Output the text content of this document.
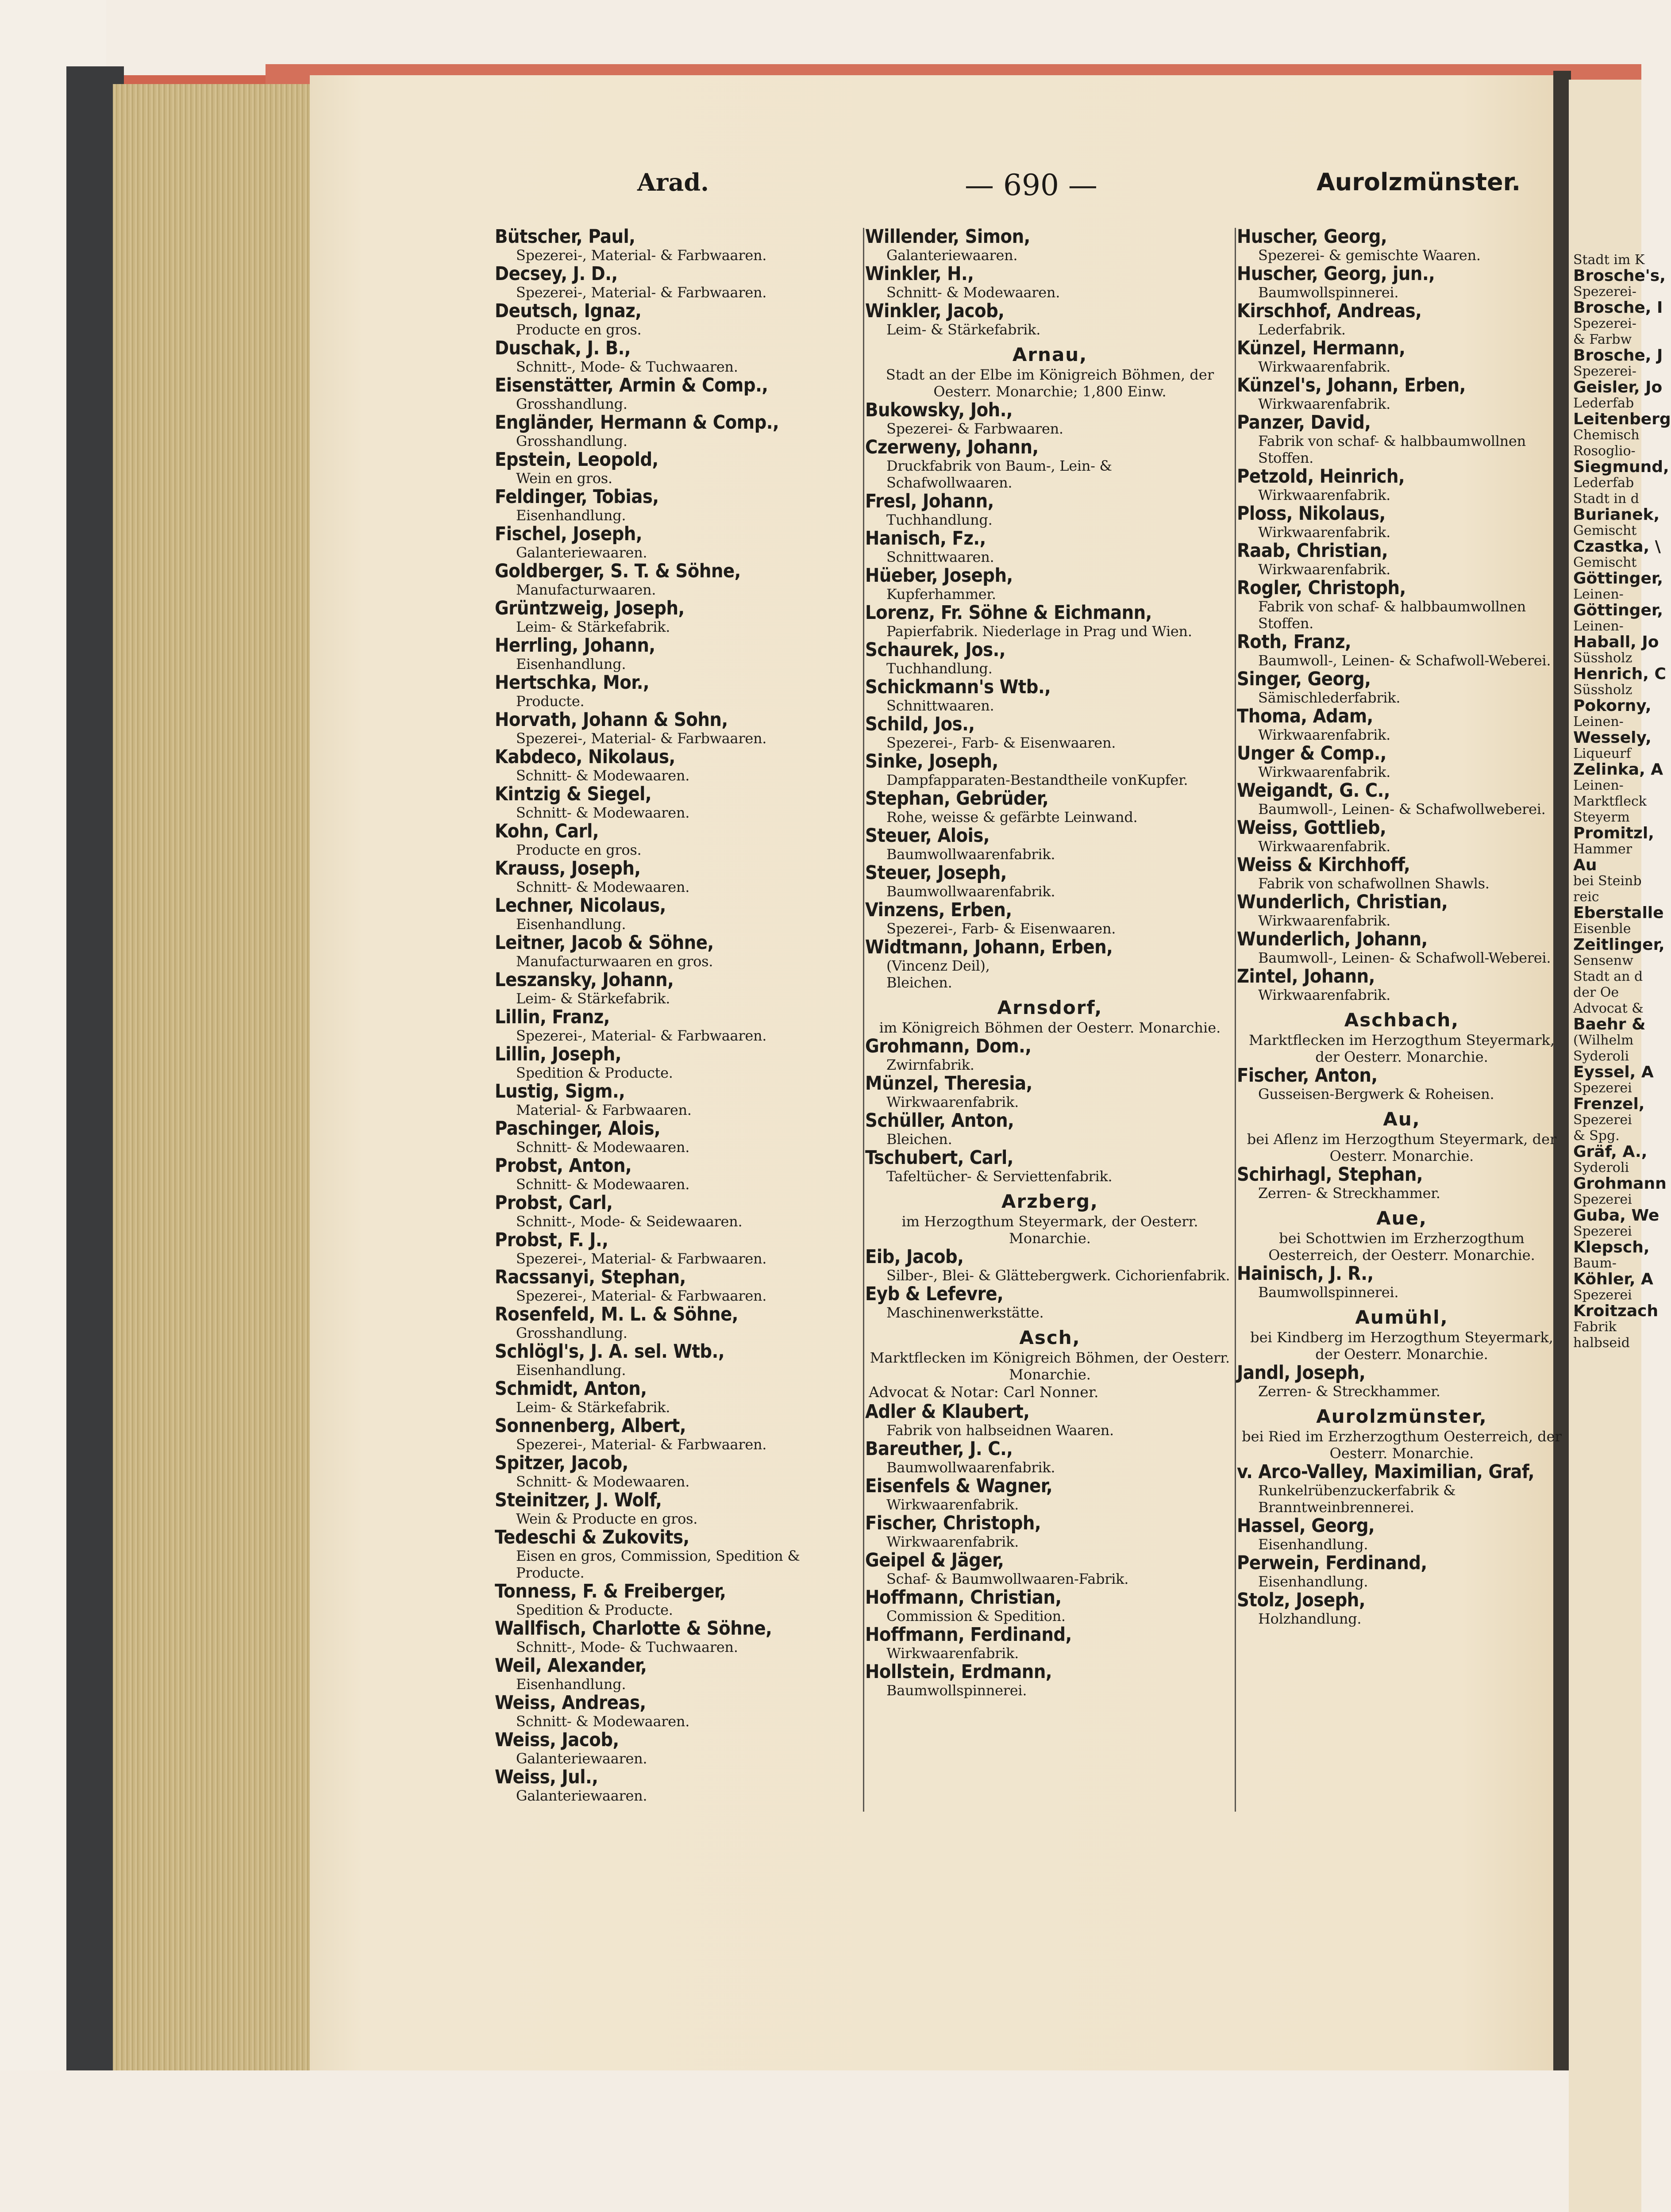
Stadt im K
Brosche's,
Spezerei-
Brosche, I
Spezerei-
& Farbw
Brosche, J
Spezerei-
Geisler, Jo
Lederfab
Leitenberg
Chemisch
Rosoglio-
Siegmund,
Lederfab
Stadt in d
Burianek,
Gemischt
Czastka, \
Gemischt
Göttinger,
Leinen-
Göttinger,
Leinen-
Haball, Jo
Süssholz
Henrich, C
Süssholz
Pokorny,
Leinen-
Wessely,
Liqueurf
Zelinka, A
Leinen-
Marktfleck
Steyerm
Promitzl,
Hammer
Au
bei Steinb
reic
Eberstalle
Eisenble
Zeitlinger,
Sensenw
Stadt an d
der Oe
Advocat &
Baehr &
(Wilhelm
Syderoli
Eyssel, A
Spezerei
Frenzel,
Spezerei
& Spg.
Gräf, A.,
Syderoli
Grohmann
Spezerei
Guba, We
Spezerei
Klepsch,
Baum-
Köhler, A
Spezerei
Kroitzach
Fabrik
halbseid
Arad.	— 690 —	Aurolzmünster.
Bütscher, Paul,
Spezerei-, Material- & Farbwaaren.
Decsey, J. D.,
Spezerei-, Material- & Farbwaaren.
Deutsch, Ignaz,
Producte en gros.
Duschak, J. B.,
Schnitt-, Mode- & Tuchwaaren.
Eisenstätter, Armin & Comp.,
Grosshandlung.
Engländer, Hermann & Comp.,
Grosshandlung.
Epstein, Leopold,
Wein en gros.
Feldinger, Tobias,
Eisenhandlung.
Fischel, Joseph,
Galanteriewaaren.
Goldberger, S. T. & Söhne,
Manufacturwaaren.
Grüntzweig, Joseph,
Leim- & Stärkefabrik.
Herrling, Johann,
Eisenhandlung.
Hertschka, Mor.,
Producte.
Horvath, Johann & Sohn,
Spezerei-, Material- & Farbwaaren.
Kabdeco, Nikolaus,
Schnitt- & Modewaaren.
Kintzig & Siegel,
Schnitt- & Modewaaren.
Kohn, Carl,
Producte en gros.
Krauss, Joseph,
Schnitt- & Modewaaren.
Lechner, Nicolaus,
Eisenhandlung.
Leitner, Jacob & Söhne,
Manufacturwaaren en gros.
Leszansky, Johann,
Leim- & Stärkefabrik.
Lillin, Franz,
Spezerei-, Material- & Farbwaaren.
Lillin, Joseph,
Spedition & Producte.
Lustig, Sigm.,
Material- & Farbwaaren.
Paschinger, Alois,
Schnitt- & Modewaaren.
Probst, Anton,
Schnitt- & Modewaaren.
Probst, Carl,
Schnitt-, Mode- & Seidewaaren.
Probst, F. J.,
Spezerei-, Material- & Farbwaaren.
Racssanyi, Stephan,
Spezerei-, Material- & Farbwaaren.
Rosenfeld, M. L. & Söhne,
Grosshandlung.
Schlögl's, J. A. sel. Wtb.,
Eisenhandlung.
Schmidt, Anton,
Leim- & Stärkefabrik.
Sonnenberg, Albert,
Spezerei-, Material- & Farbwaaren.
Spitzer, Jacob,
Schnitt- & Modewaaren.
Steinitzer, J. Wolf,
Wein & Producte en gros.
Tedeschi & Zukovits,
Eisen en gros, Commission, Spedition & Producte.
Tonness, F. & Freiberger,
Spedition & Producte.
Wallfisch, Charlotte & Söhne,
Schnitt-, Mode- & Tuchwaaren.
Weil, Alexander,
Eisenhandlung.
Weiss, Andreas,
Schnitt- & Modewaaren.
Weiss, Jacob,
Galanteriewaaren.
Weiss, Jul.,
Galanteriewaaren.
Willender, Simon,
Galanteriewaaren.
Winkler, H.,
Schnitt- & Modewaaren.
Winkler, Jacob,
Leim- & Stärkefabrik.
Arnau,
Stadt an der Elbe im Königreich Böhmen, der Oesterr. Monarchie; 1,800 Einw.
Bukowsky, Joh.,
Spezerei- & Farbwaaren.
Czerweny, Johann,
Druckfabrik von Baum-, Lein- & Schafwollwaaren.
Fresl, Johann,
Tuchhandlung.
Hanisch, Fz.,
Schnittwaaren.
Hüeber, Joseph,
Kupferhammer.
Lorenz, Fr. Söhne & Eichmann,
Papierfabrik. Niederlage in Prag und Wien.
Schaurek, Jos.,
Tuchhandlung.
Schickmann's Wtb.,
Schnittwaaren.
Schild, Jos.,
Spezerei-, Farb- & Eisenwaaren.
Sinke, Joseph,
Dampfapparaten-Bestandtheile vonKupfer.
Stephan, Gebrüder,
Rohe, weisse & gefärbte Leinwand.
Steuer, Alois,
Baumwollwaarenfabrik.
Steuer, Joseph,
Baumwollwaarenfabrik.
Vinzens, Erben,
Spezerei-, Farb- & Eisenwaaren.
Widtmann, Johann, Erben,
(Vincenz Deil),
Bleichen.
Arnsdorf,
im Königreich Böhmen der Oesterr. Monarchie.
Grohmann, Dom.,
Zwirnfabrik.
Münzel, Theresia,
Wirkwaarenfabrik.
Schüller, Anton,
Bleichen.
Tschubert, Carl,
Tafeltücher- & Serviettenfabrik.
Arzberg,
im Herzogthum Steyermark, der Oesterr. Monarchie.
Eib, Jacob,
Silber-, Blei- & Glättebergwerk. Cichorienfabrik.
Eyb & Lefevre,
Maschinenwerkstätte.
Asch,
Marktflecken im Königreich Böhmen, der Oesterr. Monarchie.
Advocat & Notar: Carl Nonner.
Adler & Klaubert,
Fabrik von halbseidnen Waaren.
Bareuther, J. C.,
Baumwollwaarenfabrik.
Eisenfels & Wagner,
Wirkwaarenfabrik.
Fischer, Christoph,
Wirkwaarenfabrik.
Geipel & Jäger,
Schaf- & Baumwollwaaren-Fabrik.
Hoffmann, Christian,
Commission & Spedition.
Hoffmann, Ferdinand,
Wirkwaarenfabrik.
Hollstein, Erdmann,
Baumwollspinnerei.
Huscher, Georg,
Spezerei- & gemischte Waaren.
Huscher, Georg, jun.,
Baumwollspinnerei.
Kirschhof, Andreas,
Lederfabrik.
Künzel, Hermann,
Wirkwaarenfabrik.
Künzel's, Johann, Erben,
Wirkwaarenfabrik.
Panzer, David,
Fabrik von schaf- & halbbaumwollnen Stoffen.
Petzold, Heinrich,
Wirkwaarenfabrik.
Ploss, Nikolaus,
Wirkwaarenfabrik.
Raab, Christian,
Wirkwaarenfabrik.
Rogler, Christoph,
Fabrik von schaf- & halbbaumwollnen Stoffen.
Roth, Franz,
Baumwoll-, Leinen- & Schafwoll-Weberei.
Singer, Georg,
Sämischlederfabrik.
Thoma, Adam,
Wirkwaarenfabrik.
Unger & Comp.,
Wirkwaarenfabrik.
Weigandt, G. C.,
Baumwoll-, Leinen- & Schafwollweberei.
Weiss, Gottlieb,
Wirkwaarenfabrik.
Weiss & Kirchhoff,
Fabrik von schafwollnen Shawls.
Wunderlich, Christian,
Wirkwaarenfabrik.
Wunderlich, Johann,
Baumwoll-, Leinen- & Schafwoll-Weberei.
Zintel, Johann,
Wirkwaarenfabrik.
Aschbach,
Marktflecken im Herzogthum Steyermark, der Oesterr. Monarchie.
Fischer, Anton,
Gusseisen-Bergwerk & Roheisen.
Au,
bei Aflenz im Herzogthum Steyermark, der Oesterr. Monarchie.
Schirhagl, Stephan,
Zerren- & Streckhammer.
Aue,
bei Schottwien im Erzherzogthum Oesterreich, der Oesterr. Monarchie.
Hainisch, J. R.,
Baumwollspinnerei.
Aumühl,
bei Kindberg im Herzogthum Steyermark, der Oesterr. Monarchie.
Jandl, Joseph,
Zerren- & Streckhammer.
Aurolzmünster,
bei Ried im Erzherzogthum Oesterreich, der Oesterr. Monarchie.
v. Arco-Valley, Maximilian, Graf,
Runkelrübenzuckerfabrik & Branntweinbrennerei.
Hassel, Georg,
Eisenhandlung.
Perwein, Ferdinand,
Eisenhandlung.
Stolz, Joseph,
Holzhandlung.
